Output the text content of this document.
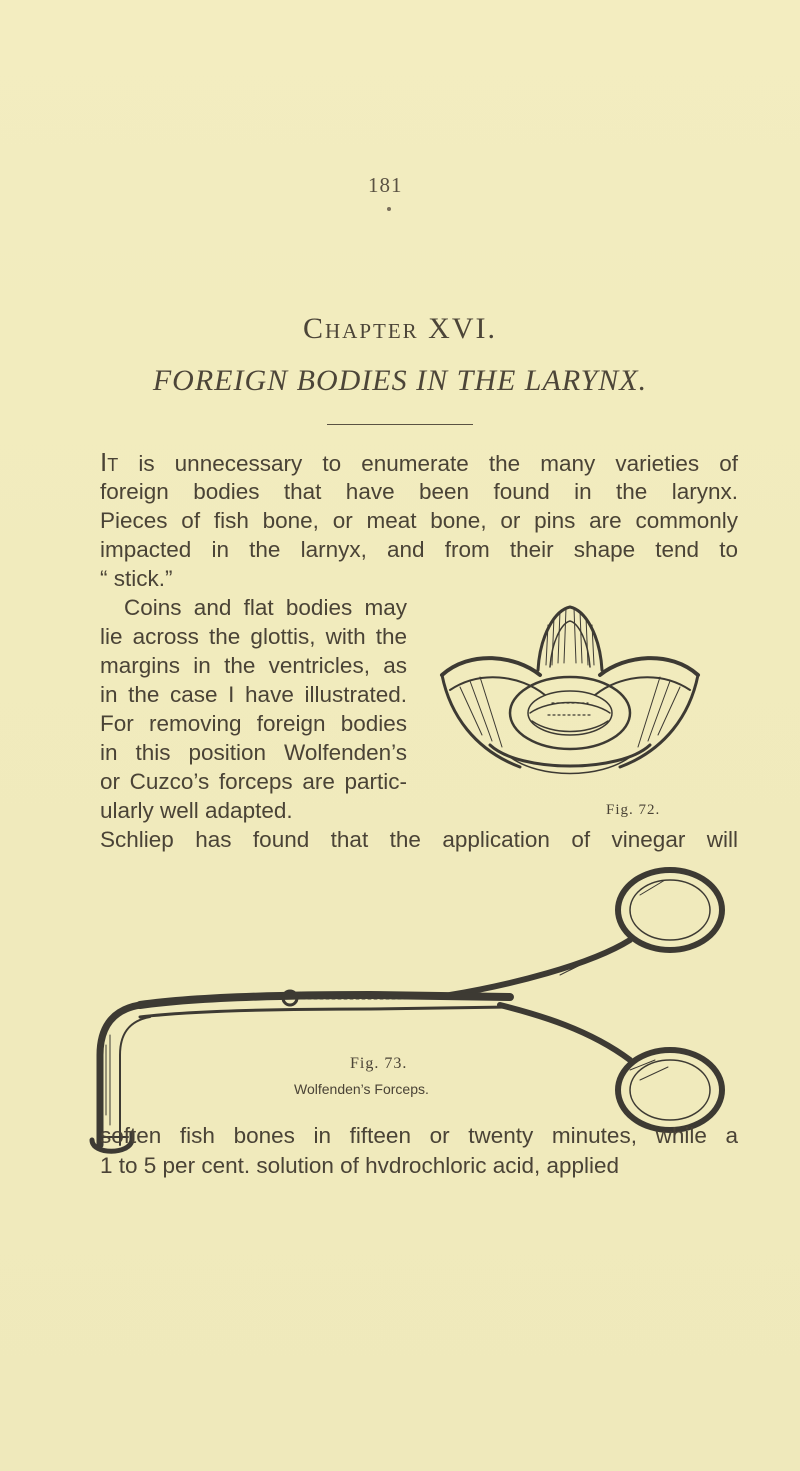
181
Chapter XVI.
FOREIGN BODIES IN THE LARYNX.
It is unnecessary to enumerate the many varieties of
foreign bodies that have been found in the larynx.
Pieces of fish bone, or meat bone, or pins are commonly
impacted in the larnyx, and from their shape tend to
“ stick.”
Coins and flat bodies may
lie across the glottis, with the
margins in the ventricles, as
in the case I have illustrated.
For removing foreign bodies
in this position Wolfenden’s
or Cuzco’s forceps are partic-
ularly well adapted.
Schliep has found that the application of vinegar will
Fig. 72.
Fig. 73.
Wolfenden’s Forceps.
soften fish bones in fifteen or twenty minutes, while a
1 to 5 per cent. solution of hvdrochloric acid, applied
